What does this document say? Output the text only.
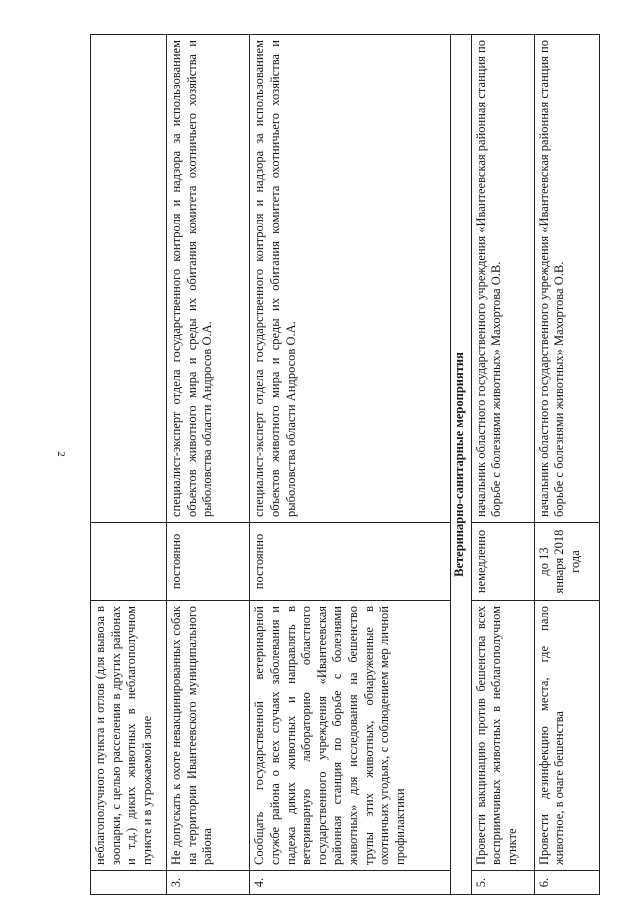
2
	неблагополучного пункта и отлов (для вывоза в зоопарки, с целью расселения в других районах и т.д.) диких животных в неблагополучном пункте и в угрожаемой зоне		
3.	Не допускать к охоте невакцинированных собак на территории Ивантеевского муниципального района	постоянно	специалист-эксперт отдела государственного контроля и надзора за использованием объектов животного мира и среды их обитания комитета охотничьего хозяйства и рыболовства области Андросов О.А.
4.	Сообщать государственной ветеринарной службе района о всех случаях заболевания и падежа диких животных и направлять в ветеринарную лабораторию областного государственного учреждения «Ивантеевская районная станция по борьбе с болезнями животных» для исследования на бешенство трупы этих животных, обнаруженные в охотничьих угодьях, с соблюдением мер личной профилактики	постоянно	специалист-эксперт отдела государственного контроля и надзора за использованием объектов животного мира и среды их обитания комитета охотничьего хозяйства и рыболовства области Андросов О.А.
Ветеринарно-санитарные мероприятия			
5.	Провести вакцинацию против бешенства всех восприимчивых животных в неблагополучном пункте	немедленно	начальник областного государственного учреждения «Ивантеевская районная станция по борьбе с болезнями животных» Махортова О.В.
6.	Провести дезинфекцию места, где пало животное, в очаге бешенства	до 13 января 2018 года	начальник областного государственного учреждения «Ивантеевская районная станция по борьбе с болезнями животных» Махортова О.В.
